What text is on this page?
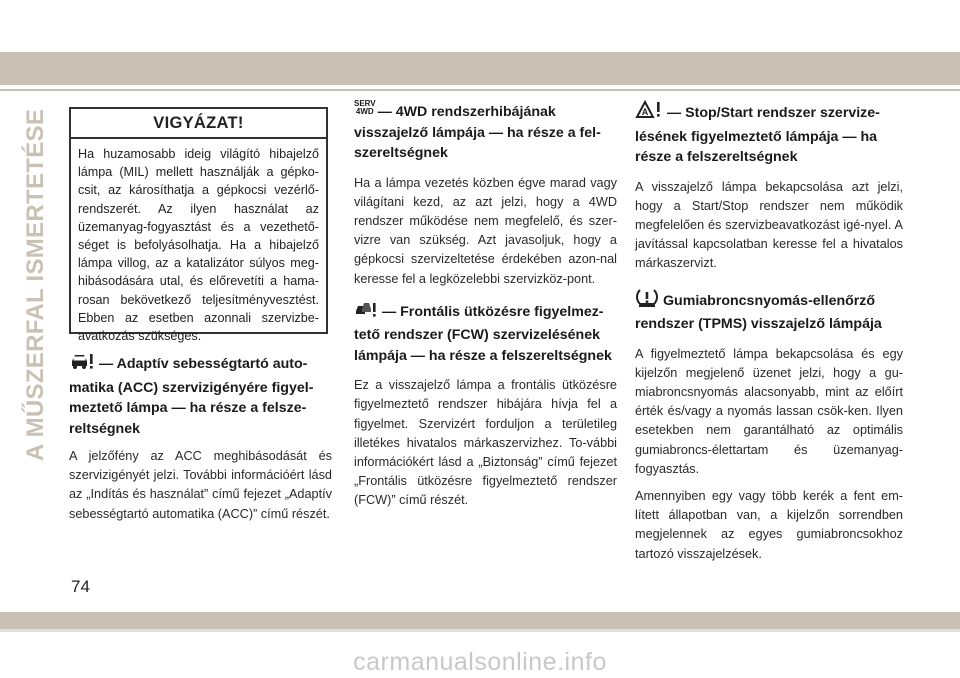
A MŰSZERFAL ISMERTETÉSE	VIGYÁZAT!
Ha huzamosabb ideig világító hibajelző lámpa (MIL) mellett használják a gépko-csit, az károsíthatja a gépkocsi vezérlő-rendszerét. Az ilyen használat az üzemanyag-fogyasztást és a vezethető-séget is befolyásolhatja. Ha a hibajelző lámpa villog, az a katalizátor súlyos meg-hibásodására utal, és előrevetíti a hama-rosan bekövetkező teljesítményvesztést. Ebben az esetben azonnali szervizbe-avatkozás szükséges.
— Adaptív sebességtartó auto-matika (ACC) szervizigényére figyel-meztető lámpa — ha része a felsze-reltségnek
A jelzőfény az ACC meghibásodását és szervizigényét jelzi. További információért lásd az „Indítás és használat” című fejezet „Adaptív sebességtartó automatika (ACC)” című részét.
SERV
4WD — 4WD rendszerhibájának visszajelző lámpája — ha része a fel-szereltségnek
Ha a lámpa vezetés közben égve marad vagy világítani kezd, az azt jelzi, hogy a 4WD rendszer működése nem megfelelő, és szer-vizre van szükség. Azt javasoljuk, hogy a gépkocsi szervizeltetése érdekében azon-nal keresse fel a legközelebbi szervizköz-pont.
— Frontális ütközésre figyelmez-tető rendszer (FCW) szervizelésének lámpája — ha része a felszereltségnek
Ez a visszajelző lámpa a frontális ütközésre figyelmeztető rendszer hibájára hívja fel a figyelmet. Szervizért forduljon a területileg illetékes hivatalos márkaszervizhez. To-vábbi információkért lásd a „Biztonság” című fejezet „Frontális ütközésre figyelmeztető rendszer (FCW)” című részét.
A — Stop/Start rendszer szervize-lésének figyelmeztető lámpája — ha része a felszereltségnek
A visszajelző lámpa bekapcsolása azt jelzi, hogy a Start/Stop rendszer nem működik megfelelően és szervizbeavatkozást igé-nyel. A javítással kapcsolatban keresse fel a hivatalos márkaszervizt.
Gumiabroncsnyomás-ellenőrző rendszer (TPMS) visszajelző lámpája
A figyelmeztető lámpa bekapcsolása és egy kijelzőn megjelenő üzenet jelzi, hogy a gu-miabroncsnyomás alacsonyabb, mint az előírt érték és/vagy a nyomás lassan csök-ken. Ilyen esetekben nem garantálható az optimális gumiabroncs-élettartam és üzemanyag-fogyasztás.
Amennyiben egy vagy több kerék a fent em-lített állapotban van, a kijelzőn sorrendben megjelennek az egyes gumiabroncsokhoz tartozó visszajelzések.
74
carmanualsonline.info
